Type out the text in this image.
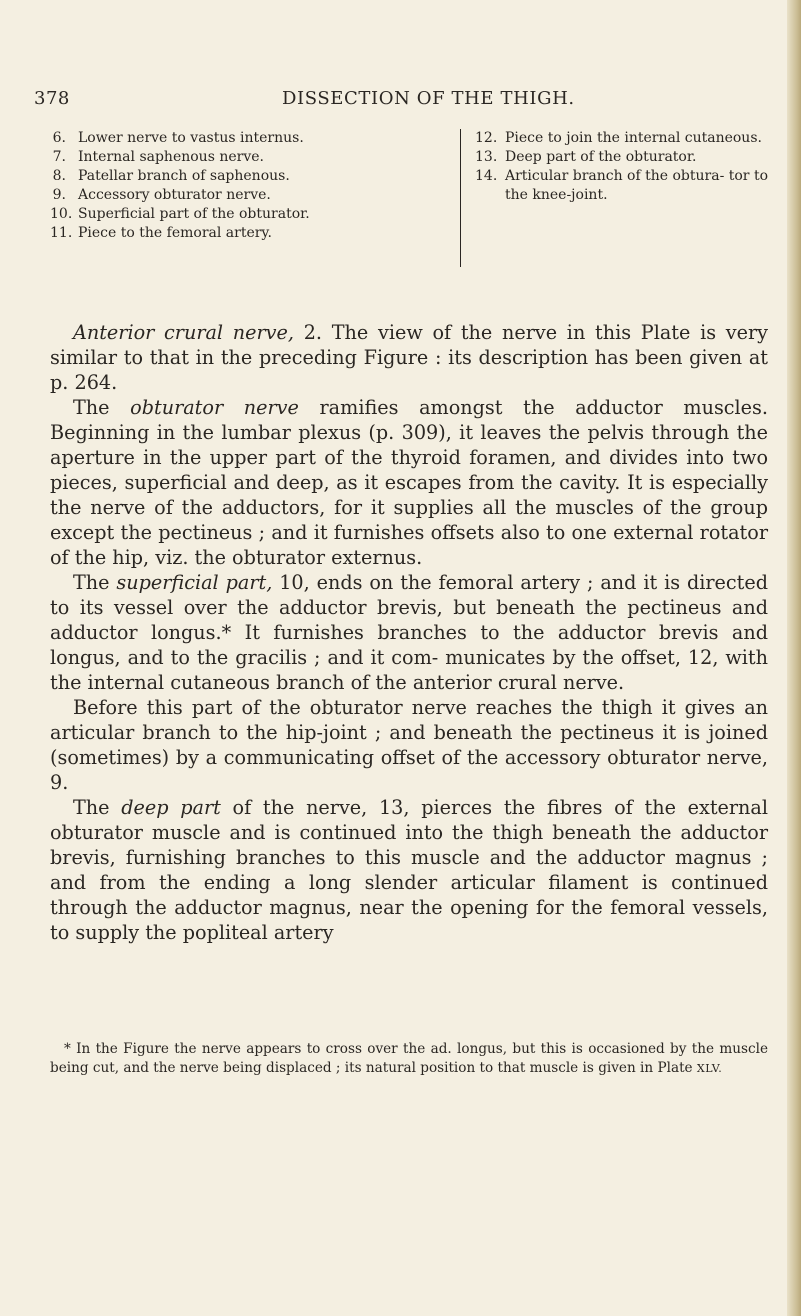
378	DISSECTION OF THE THIGH.
6. Lower nerve to vastus internus.
7. Internal saphenous nerve.
8. Patellar branch of saphenous.
9. Accessory obturator nerve.
10. Superficial part of the obturator.
11. Piece to the femoral artery.
12. Piece to join the internal cutaneous.
13. Deep part of the obturator.
14. Articular branch of the obtura- tor to the knee-joint.

Anterior crural nerve, 2. The view of the nerve in this Plate is very similar to that in the preceding Figure : its description has been given at p. 264.

The obturator nerve ramifies amongst the adductor muscles. Beginning in the lumbar plexus (p. 309), it leaves the pelvis through the aperture in the upper part of the thyroid foramen, and divides into two pieces, superficial and deep, as it escapes from the cavity. It is especially the nerve of the adductors, for it supplies all the muscles of the group except the pectineus ; and it furnishes offsets also to one external rotator of the hip, viz. the obturator externus.

The superficial part, 10, ends on the femoral artery ; and it is directed to its vessel over the adductor brevis, but beneath the pectineus and adductor longus.* It furnishes branches to the adductor brevis and longus, and to the gracilis ; and it com- municates by the offset, 12, with the internal cutaneous branch of the anterior crural nerve.

Before this part of the obturator nerve reaches the thigh it gives an articular branch to the hip-joint ; and beneath the pectineus it is joined (sometimes) by a communicating offset of the accessory obturator nerve, 9.

The deep part of the nerve, 13, pierces the fibres of the external obturator muscle and is continued into the thigh beneath the adductor brevis, furnishing branches to this muscle and the adductor magnus ; and from the ending a long slender articular filament is continued through the adductor magnus, near the opening for the femoral vessels, to supply the popliteal artery

* In the Figure the nerve appears to cross over the ad. longus, but this is occasioned by the muscle being cut, and the nerve being displaced ; its natural position to that muscle is given in Plate XLV.
